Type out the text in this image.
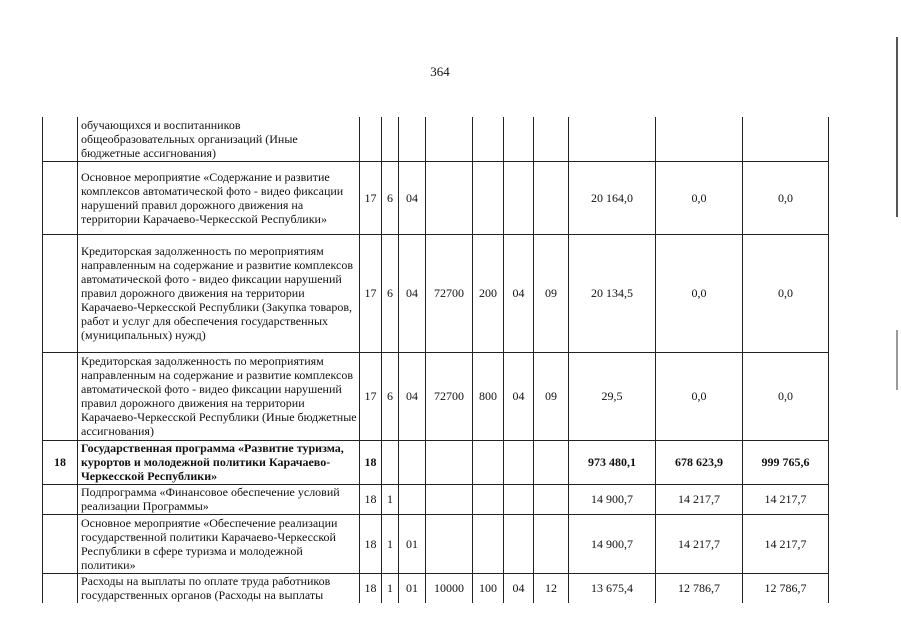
364
	обучающихся и воспитанников общеобразовательных организаций (Иные бюджетные ассигнования)										
	Основное мероприятие «Содержание и развитие комплексов автоматической фото - видео фиксации нарушений правил дорожного движения на территории Карачаево-Черкесской Республики»	17	6	04					20 164,0	0,0	0,0
	Кредиторская задолженность по мероприятиям направленным на содержание и развитие комплексов автоматической фото - видео фиксации нарушений правил дорожного движения на территории Карачаево-Черкесской Республики (Закупка товаров, работ и услуг для обеспечения государственных (муниципальных) нужд)	17	6	04	72700	200	04	09	20 134,5	0,0	0,0
	Кредиторская задолженность по мероприятиям направленным на содержание и развитие комплексов автоматической фото - видео фиксации нарушений правил дорожного движения на территории Карачаево-Черкесской Республики (Иные бюджетные ассигнования)	17	6	04	72700	800	04	09	29,5	0,0	0,0
18	Государственная программа «Развитие туризма, курортов и молодежной политики Карачаево-Черкесской Республики»	18							973 480,1	678 623,9	999 765,6
	Подпрограмма «Финансовое обеспечение условий реализации Программы»	18	1						14 900,7	14 217,7	14 217,7
	Основное мероприятие «Обеспечение реализации государственной политики Карачаево-Черкесской Республики в сфере туризма и молодежной политики»	18	1	01					14 900,7	14 217,7	14 217,7
	Расходы на выплаты по оплате труда работников государственных органов (Расходы на выплаты	18	1	01	10000	100	04	12	13 675,4	12 786,7	12 786,7
